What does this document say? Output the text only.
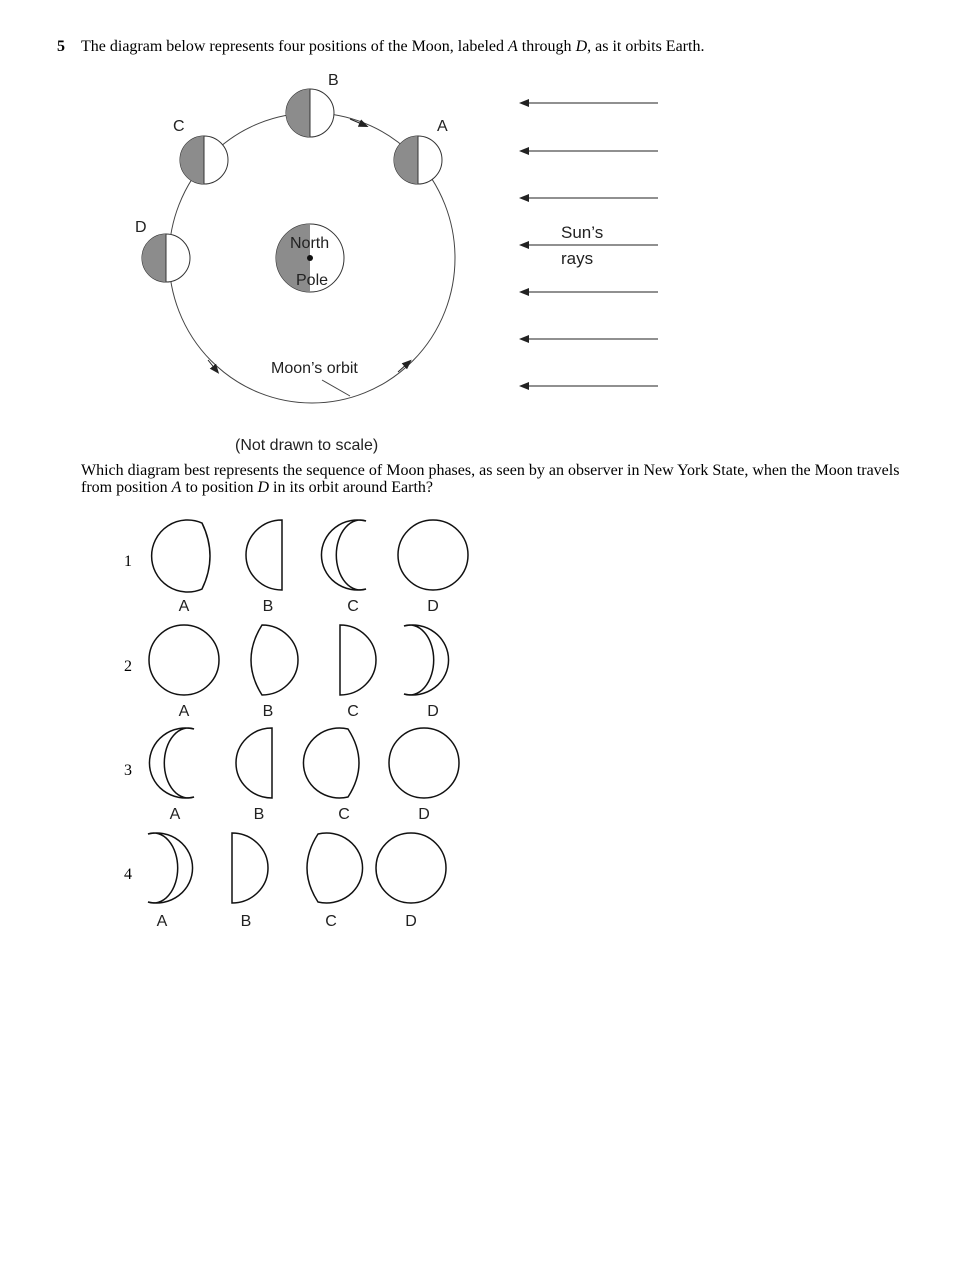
5 The diagram below represents four positions of the Moon, labeled A through D, as it orbits Earth.
North
Pole
B
C	A
D
Moon’s orbit
Sun’s
rays
(Not drawn to scale)
Which diagram best represents the sequence of Moon phases, as seen by an observer in New York State, when the Moon travels from position A to position D in its orbit around Earth?
1
A	B	C	D
2
A	B	C	D
3
A	B	C	D
4
A	B	C	D
